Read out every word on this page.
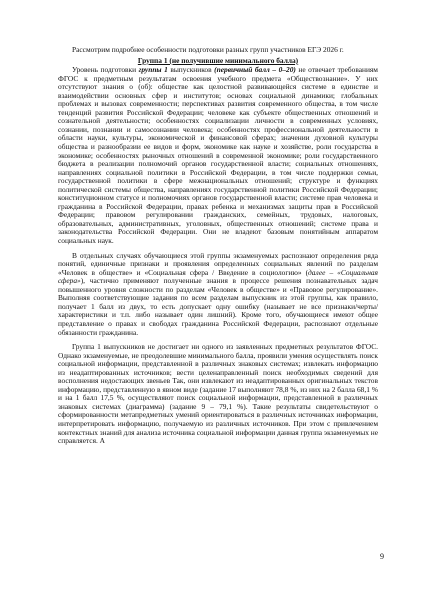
Рассмотрим подробнее особенности подготовки разных групп участников ЕГЭ 2026 г.

Группа 1 (не получившие минимального балла)

Уровень подготовки группы 1 выпускников (первичный балл – 0–20) не отвечает требованиям ФГОС к предметным результатам освоения учебного предмета «Обществознание». У них отсутствуют знания о (об): обществе как целостной развивающейся системе в единстве и взаимодействии основных сфер и институтов; основах социальной динамики; глобальных проблемах и вызовах современности; перспективах развития современного общества, в том числе тенденций развития Российской Федерации; человеке как субъекте общественных отношений и сознательной деятельности; особенностях социализации личности в современных условиях, сознании, познании и самосознании человека; особенностях профессиональной деятельности в области науки, культуры, экономической и финансовой сферах; значении духовной культуры общества и разнообразии ее видов и форм, экономике как науке и хозяйстве, роли государства в экономике; особенностях рыночных отношений в современной экономике; роли государственного бюджета в реализации полномочий органов государственной власти; социальных отношениях, направлениях социальной политики в Российской Федерации, в том числе поддержки семьи, государственной политики в сфере межнациональных отношений; структуре и функциях политической системы общества, направлениях государственной политики Российской Федерации; конституционном статусе и полномочиях органов государственной власти; системе прав человека и гражданина в Российской Федерации, правах ребенка и механизмах защиты прав в Российской Федерации; правовом регулировании гражданских, семейных, трудовых, налоговых, образовательных, административных, уголовных, общественных отношений; системе права и законодательства Российской Федерации. Они не владеют базовым понятийным аппаратом социальных наук.

В отдельных случаях обучающиеся этой группы экзаменуемых распознают определения ряда понятий, единичные признаки и проявления определенных социальных явлений по разделам «Человек в обществе» и «Социальная сфера / Введение в социологию» (далее – «Социальная сфера»), частично применяют полученные знания в процессе решения познавательных задач повышенного уровня сложности по разделам «Человек в обществе» и «Правовое регулирование». Выполняя соответствующие задания по всем разделам выпускник из этой группы, как правило, получает 1 балл из двух, то есть допускает одну ошибку (называет не все признаки/черты/характеристики и т.п. либо называет один лишний). Кроме того, обучающиеся имеют общее представление о правах и свободах гражданина Российской Федерации, распознают отдельные обязанности гражданина.

Группа 1 выпускников не достигает ни одного из заявленных предметных результатов ФГОС. Однако экзаменуемые, не преодолевшие минимального балла, проявили умения осуществлять поиск социальной информации, представленной в различных знаковых системах; извлекать информацию из неадаптированных источников; вести целенаправленный поиск необходимых сведений для восполнения недостающих звеньев Так, они извлекают из неадаптированных оригинальных текстов информацию, представленную в явном виде (задание 17 выполняют 78,8 %, из них на 2 балла 68,1 % и на 1 балл 17,5 %, осуществляют поиск социальной информации, представленной в различных знаковых системах (диаграмма) (задание 9 – 79,1 %). Такие результаты свидетельствуют о сформированности метапредметных умений ориентироваться в различных источниках информации, интерпретировать информацию, получаемую из различных источников. При этом с привлечением контекстных знаний для анализа источника социальной информации данная группа экзаменуемых не справляется. А

9
